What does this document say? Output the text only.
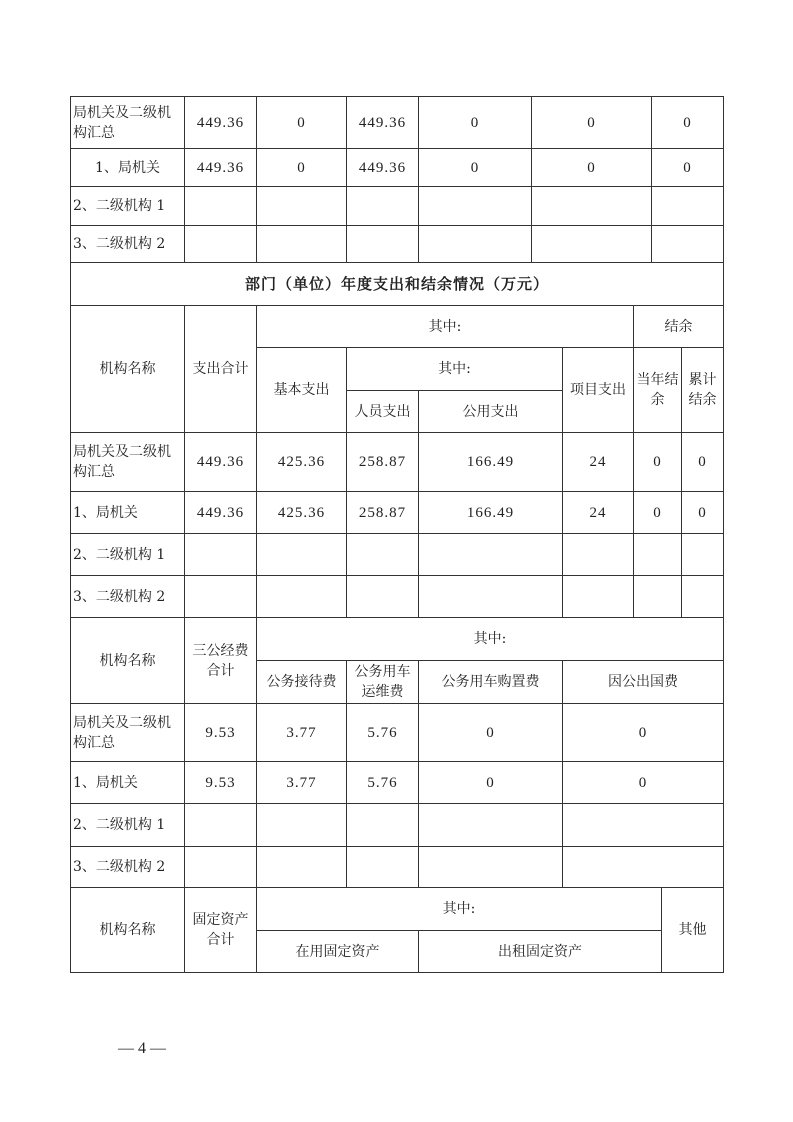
局机关及二级机构汇总	449.36	0	449.36	0	0	0
1、局机关	449.36	0	449.36	0	0	0
2、二级机构 1						
3、二级机构 2						
部门（单位）年度支出和结余情况（万元）							
机构名称	支出合计	其中:				结余	
		基本支出	其中:		项目支出	当年结余	累计结余
			人员支出	公用支出			
局机关及二级机构汇总	449.36	425.36	258.87	166.49	24	0	0
1、局机关	449.36	425.36	258.87	166.49	24	0	0
2、二级机构 1							
3、二级机构 2							
机构名称	三公经费合计	其中:			
		公务接待费	公务用车运维费	公务用车购置费	因公出国费
局机关及二级机构汇总	9.53	3.77	5.76	0	0
1、局机关	9.53	3.77	5.76	0	0
2、二级机构 1					
3、二级机构 2					
机构名称	固定资产合计	其中:		其他
		在用固定资产	出租固定资产	
— 4 —
